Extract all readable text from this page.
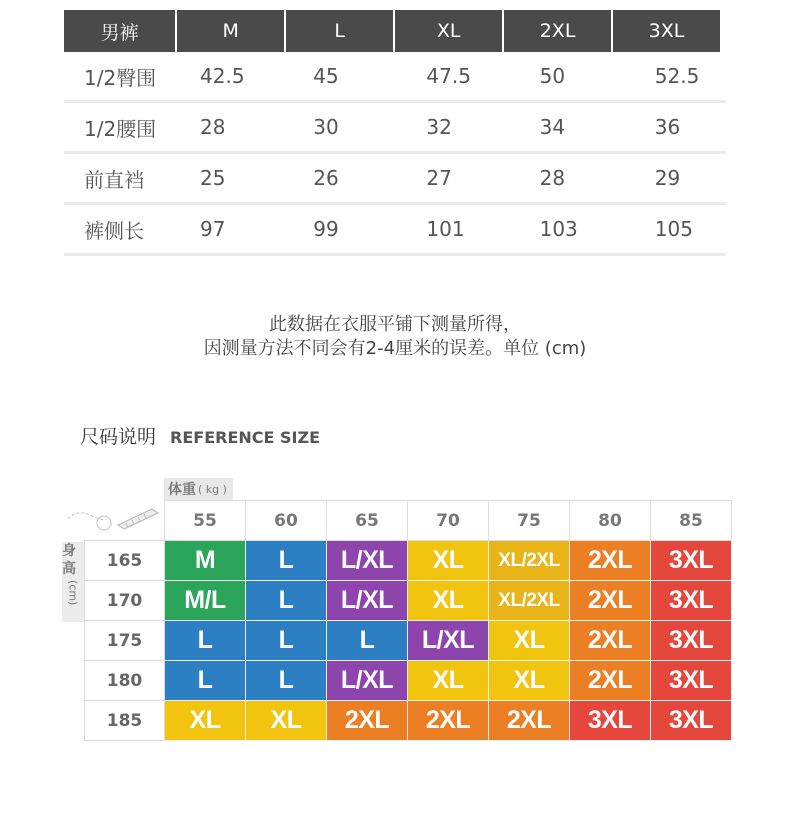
男裤	M	L	XL	2XL	3XL
1/2臀围	42.5	45	47.5	50	52.5
1/2腰围	28	30	32	34	36
前直裆	25	26	27	28	29
裤侧长	97	99	101	103	105
此数据在衣服平铺下测量所得，
因测量方法不同会有2-4厘米的误差。单位 (cm)
尺码说明 REFERENCE SIZE
体重 ( kg )
身高
(cm)
	55	60	65	70	75	80	85
165	M	L	L/XL	XL	XL/2XL	2XL	3XL
170	M/L	L	L/XL	XL	XL/2XL	2XL	3XL
175	L	L	L	L/XL	XL	2XL	3XL
180	L	L	L/XL	XL	XL	2XL	3XL
185	XL	XL	2XL	2XL	2XL	3XL	3XL
